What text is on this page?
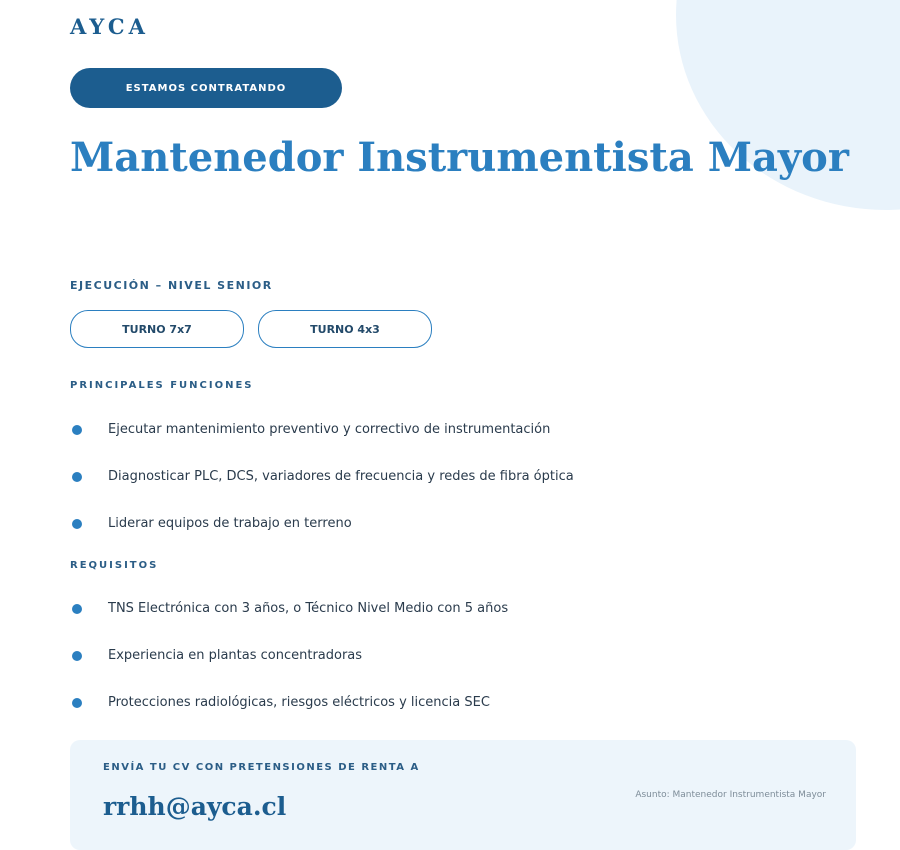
AYCA
ESTAMOS CONTRATANDO
Mantenedor Instrumentista Mayor
EJECUCIÓN – NIVEL SENIOR
TURNO 7x7	TURNO 4x3
PRINCIPALES FUNCIONES
Ejecutar mantenimiento preventivo y correctivo de instrumentación
Diagnosticar PLC, DCS, variadores de frecuencia y redes de fibra óptica
Liderar equipos de trabajo en terreno
REQUISITOS
TNS Electrónica con 3 años, o Técnico Nivel Medio con 5 años
Experiencia en plantas concentradoras
Protecciones radiológicas, riesgos eléctricos y licencia SEC
ENVÍA TU CV CON PRETENSIONES DE RENTA A
rrhh@ayca.cl	Asunto: Mantenedor Instrumentista Mayor
